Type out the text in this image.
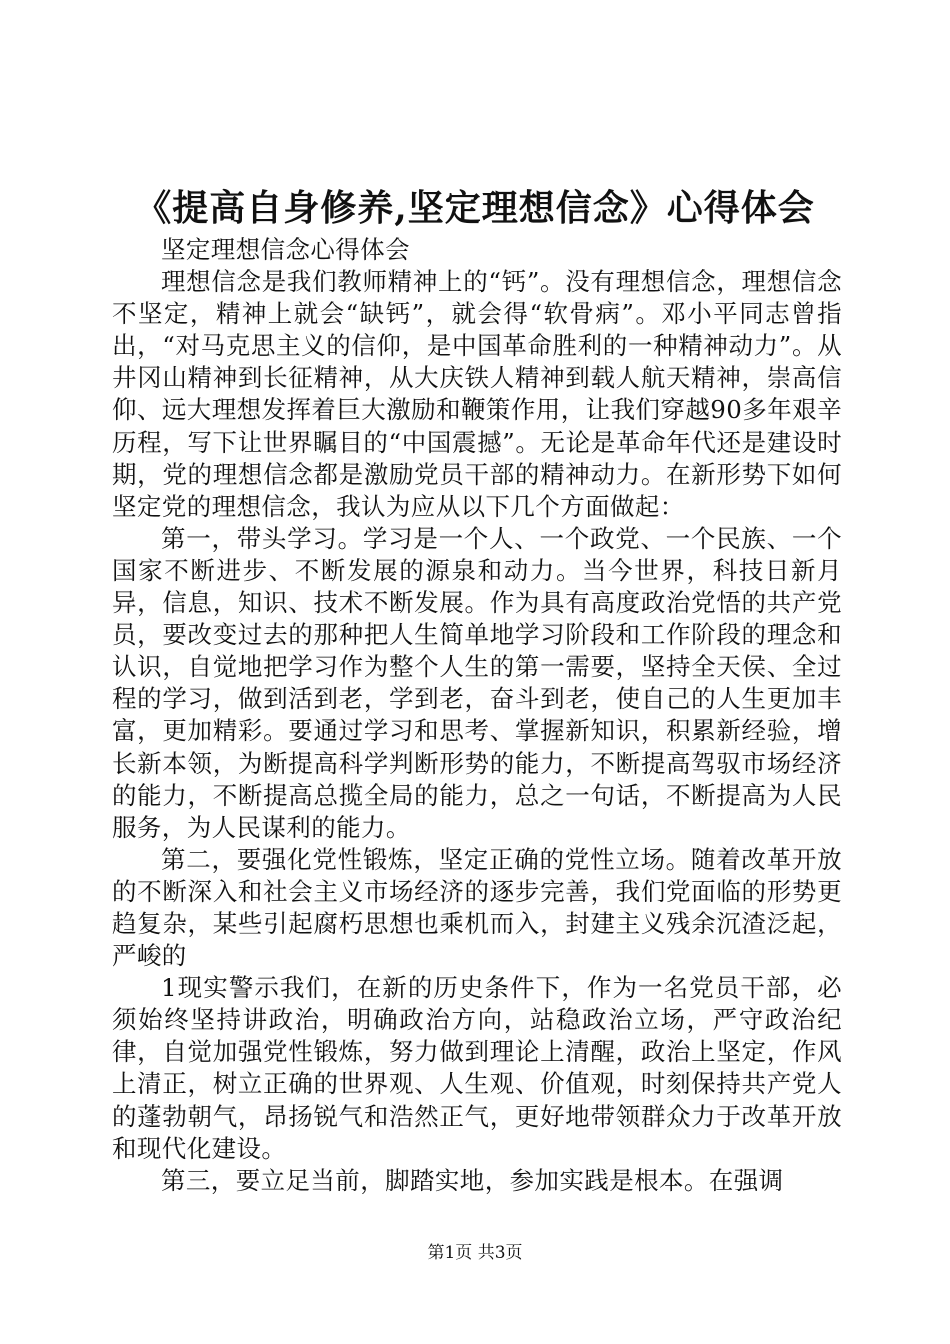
《提高自身修养,坚定理想信念》心得体会

坚定理想信念心得体会

理想信念是我们教师精神上的“钙”。没有理想信念，理想信念不坚定，精神上就会“缺钙”，就会得“软骨病”。邓小平同志曾指出，“对马克思主义的信仰，是中国革命胜利的一种精神动力”。从井冈山精神到长征精神，从大庆铁人精神到载人航天精神，崇高信仰、远大理想发挥着巨大激励和鞭策作用，让我们穿越90多年艰辛历程，写下让世界瞩目的“中国震撼”。无论是革命年代还是建设时期，党的理想信念都是激励党员干部的精神动力。在新形势下如何坚定党的理想信念，我认为应从以下几个方面做起：

第一，带头学习。学习是一个人、一个政党、一个民族、一个国家不断进步、不断发展的源泉和动力。当今世界，科技日新月异，信息，知识、技术不断发展。作为具有高度政治党悟的共产党员，要改变过去的那种把人生简单地学习阶段和工作阶段的理念和认识，自觉地把学习作为整个人生的第一需要，坚持全天侯、全过程的学习，做到活到老，学到老，奋斗到老，使自己的人生更加丰富，更加精彩。要通过学习和思考、掌握新知识，积累新经验，增长新本领，为断提高科学判断形势的能力，不断提高驾驭市场经济的能力，不断提高总揽全局的能力，总之一句话，不断提高为人民服务，为人民谋利的能力。

第二，要强化党性锻炼，坚定正确的党性立场。随着改革开放的不断深入和社会主义市场经济的逐步完善，我们党面临的形势更趋复杂，某些引起腐朽思想也乘机而入，封建主义残余沉渣泛起，严峻的

1现实警示我们，在新的历史条件下，作为一名党员干部，必须始终坚持讲政治，明确政治方向，站稳政治立场，严守政治纪律，自觉加强党性锻炼，努力做到理论上清醒，政治上坚定，作风上清正，树立正确的世界观、人生观、价值观，时刻保持共产党人的蓬勃朝气，昂扬锐气和浩然正气，更好地带领群众力于改革开放和现代化建设。

第三，要立足当前，脚踏实地，参加实践是根本。在强调

第1页 共3页
